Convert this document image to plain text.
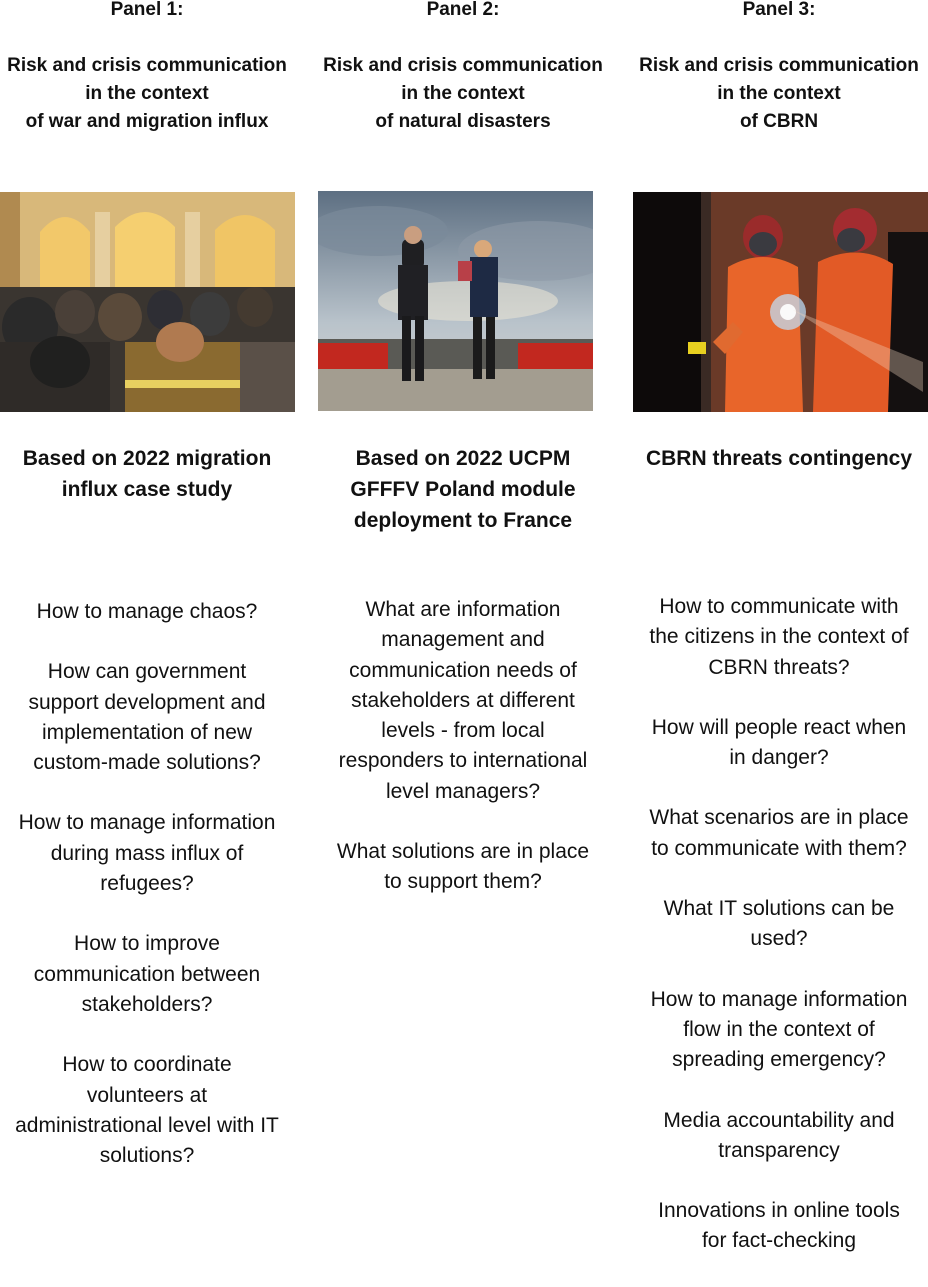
Panel 1:
Risk and crisis communication
in the context
of war and migration influx
Based on 2022 migration
influx case study
How to manage chaos?
How can government
support development and
implementation of new
custom-made solutions?
How to manage information
during mass influx of
refugees?
How to improve
communication between
stakeholders?
How to coordinate
volunteers at
administrational level with IT
solutions?
Panel 2:
Risk and crisis communication
in the context
of natural disasters
Based on 2022 UCPM
GFFFV Poland module
deployment to France
What are information
management and
communication needs of
stakeholders at different
levels - from local
responders to international
level managers?
What solutions are in place
to support them?
Panel 3:
Risk and crisis communication
in the context
of CBRN
CBRN threats contingency
How to communicate with
the citizens in the context of
CBRN threats?
How will people react when
in danger?
What scenarios are in place
to communicate with them?
What IT solutions can be
used?
How to manage information
flow in the context of
spreading emergency?
Media accountability and
transparency
Innovations in online tools
for fact-checking
